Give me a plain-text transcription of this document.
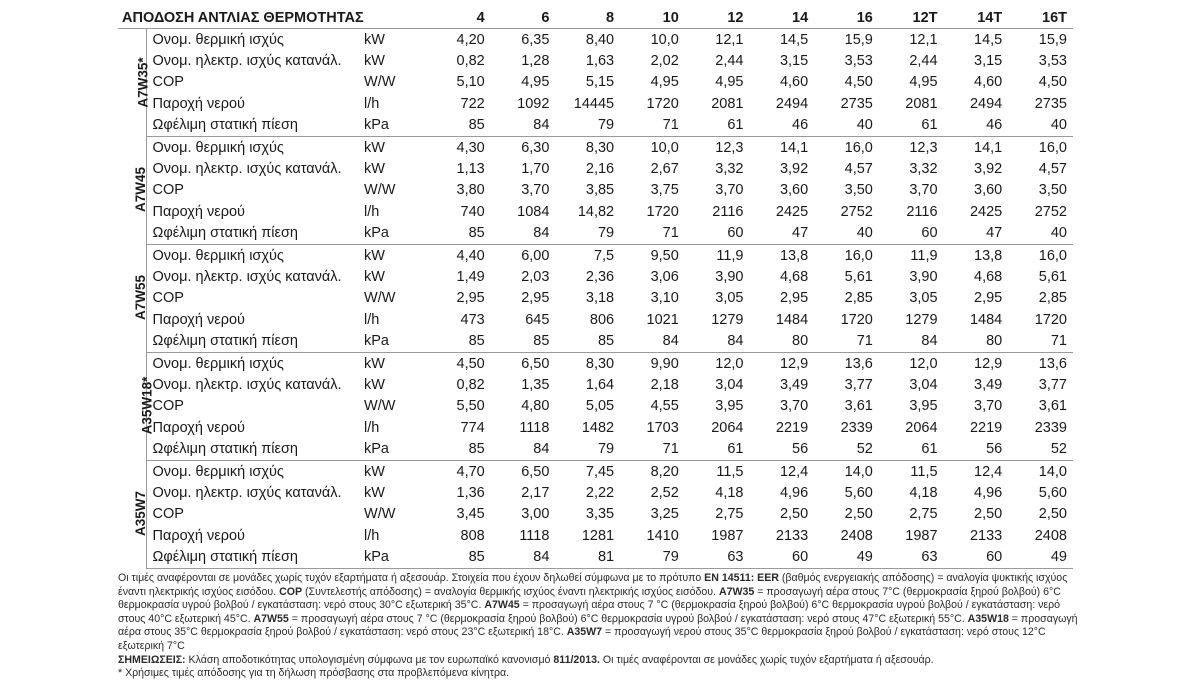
ΑΠΟΔΟΣΗ ΑΝΤΛΙΑΣ ΘΕΡΜΟΤΗΤΑΣ			4	6	8	10	12	14	16	12T	14T	16T
A7W35*	Ονομ. θερμική ισχύς	kW	4,20	6,35	8,40	10,0	12,1	14,5	15,9	12,1	14,5	15,9
	Ονομ. ηλεκτρ. ισχύς κατανάλ.	kW	0,82	1,28	1,63	2,02	2,44	3,15	3,53	2,44	3,15	3,53
	COP	W/W	5,10	4,95	5,15	4,95	4,95	4,60	4,50	4,95	4,60	4,50
	Παροχή νερού	l/h	722	1092	14445	1720	2081	2494	2735	2081	2494	2735
	Ωφέλιμη στατική πίεση	kPa	85	84	79	71	61	46	40	61	46	40
A7W45	Ονομ. θερμική ισχύς	kW	4,30	6,30	8,30	10,0	12,3	14,1	16,0	12,3	14,1	16,0
	Ονομ. ηλεκτρ. ισχύς κατανάλ.	kW	1,13	1,70	2,16	2,67	3,32	3,92	4,57	3,32	3,92	4,57
	COP	W/W	3,80	3,70	3,85	3,75	3,70	3,60	3,50	3,70	3,60	3,50
	Παροχή νερού	l/h	740	1084	14,82	1720	2116	2425	2752	2116	2425	2752
	Ωφέλιμη στατική πίεση	kPa	85	84	79	71	60	47	40	60	47	40
A7W55	Ονομ. θερμική ισχύς	kW	4,40	6,00	7,5	9,50	11,9	13,8	16,0	11,9	13,8	16,0
	Ονομ. ηλεκτρ. ισχύς κατανάλ.	kW	1,49	2,03	2,36	3,06	3,90	4,68	5,61	3,90	4,68	5,61
	COP	W/W	2,95	2,95	3,18	3,10	3,05	2,95	2,85	3,05	2,95	2,85
	Παροχή νερού	l/h	473	645	806	1021	1279	1484	1720	1279	1484	1720
	Ωφέλιμη στατική πίεση	kPa	85	85	85	84	84	80	71	84	80	71
A35W18*	Ονομ. θερμική ισχύς	kW	4,50	6,50	8,30	9,90	12,0	12,9	13,6	12,0	12,9	13,6
	Ονομ. ηλεκτρ. ισχύς κατανάλ.	kW	0,82	1,35	1,64	2,18	3,04	3,49	3,77	3,04	3,49	3,77
	COP	W/W	5,50	4,80	5,05	4,55	3,95	3,70	3,61	3,95	3,70	3,61
	Παροχή νερού	l/h	774	1118	1482	1703	2064	2219	2339	2064	2219	2339
	Ωφέλιμη στατική πίεση	kPa	85	84	79	71	61	56	52	61	56	52
A35W7	Ονομ. θερμική ισχύς	kW	4,70	6,50	7,45	8,20	11,5	12,4	14,0	11,5	12,4	14,0
	Ονομ. ηλεκτρ. ισχύς κατανάλ.	kW	1,36	2,17	2,22	2,52	4,18	4,96	5,60	4,18	4,96	5,60
	COP	W/W	3,45	3,00	3,35	3,25	2,75	2,50	2,50	2,75	2,50	2,50
	Παροχή νερού	l/h	808	1118	1281	1410	1987	2133	2408	1987	2133	2408
	Ωφέλιμη στατική πίεση	kPa	85	84	81	79	63	60	49	63	60	49

Οι τιμές αναφέρονται σε μονάδες χωρίς τυχόν εξαρτήματα ή αξεσουάρ. Στοιχεία που έχουν δηλωθεί σύμφωνα με το πρότυπο EN 14511: EER (βαθμός ενεργειακής απόδοσης) = αναλογία ψυκτικής ισχύος έναντι ηλεκτρικής ισχύος εισόδου. COP (Συντελεστής απόδοσης) = αναλογία θερμικής ισχύος έναντι ηλεκτρικής ισχύος εισόδου. A7W35 = προσαγωγή αέρα στους 7°C (θερμοκρασία ξηρού βολβού) 6°C θερμοκρασία υγρού βολβού / εγκατάσταση: νερό στους 30°C εξωτερική 35°C. A7W45 = προσαγωγή αέρα στους 7 °C (θερμοκρασία ξηρού βολβού) 6°C θερμοκρασία υγρού βολβού / εγκατάσταση: νερό στους 40°C εξωτερική 45°C. A7W55 = προσαγωγή αέρα στους 7 °C (θερμοκρασία ξηρού βολβού) 6°C θερμοκρασία υγρού βολβού / εγκατάσταση: νερό στους 47°C εξωτερική 55°C. A35W18 = προσαγωγή αέρα στους 35°C θερμοκρασία ξηρού βολβού / εγκατάσταση: νερό στους 23°C εξωτερική 18°C. A35W7 = προσαγωγή νερού στους 35°C θερμοκρασία ξηρού βολβού / εγκατάσταση: νερό στους 12°C εξωτερική 7°C

ΣΗΜΕΙΩΣΕΙΣ: Κλάση αποδοτικότητας υπολογισμένη σύμφωνα με τον ευρωπαϊκό κανονισμό 811/2013. Οι τιμές αναφέρονται σε μονάδες χωρίς τυχόν εξαρτήματα ή αξεσουάρ.

* Χρήσιμες τιμές απόδοσης για τη δήλωση πρόσβασης στα προβλεπόμενα κίνητρα.
